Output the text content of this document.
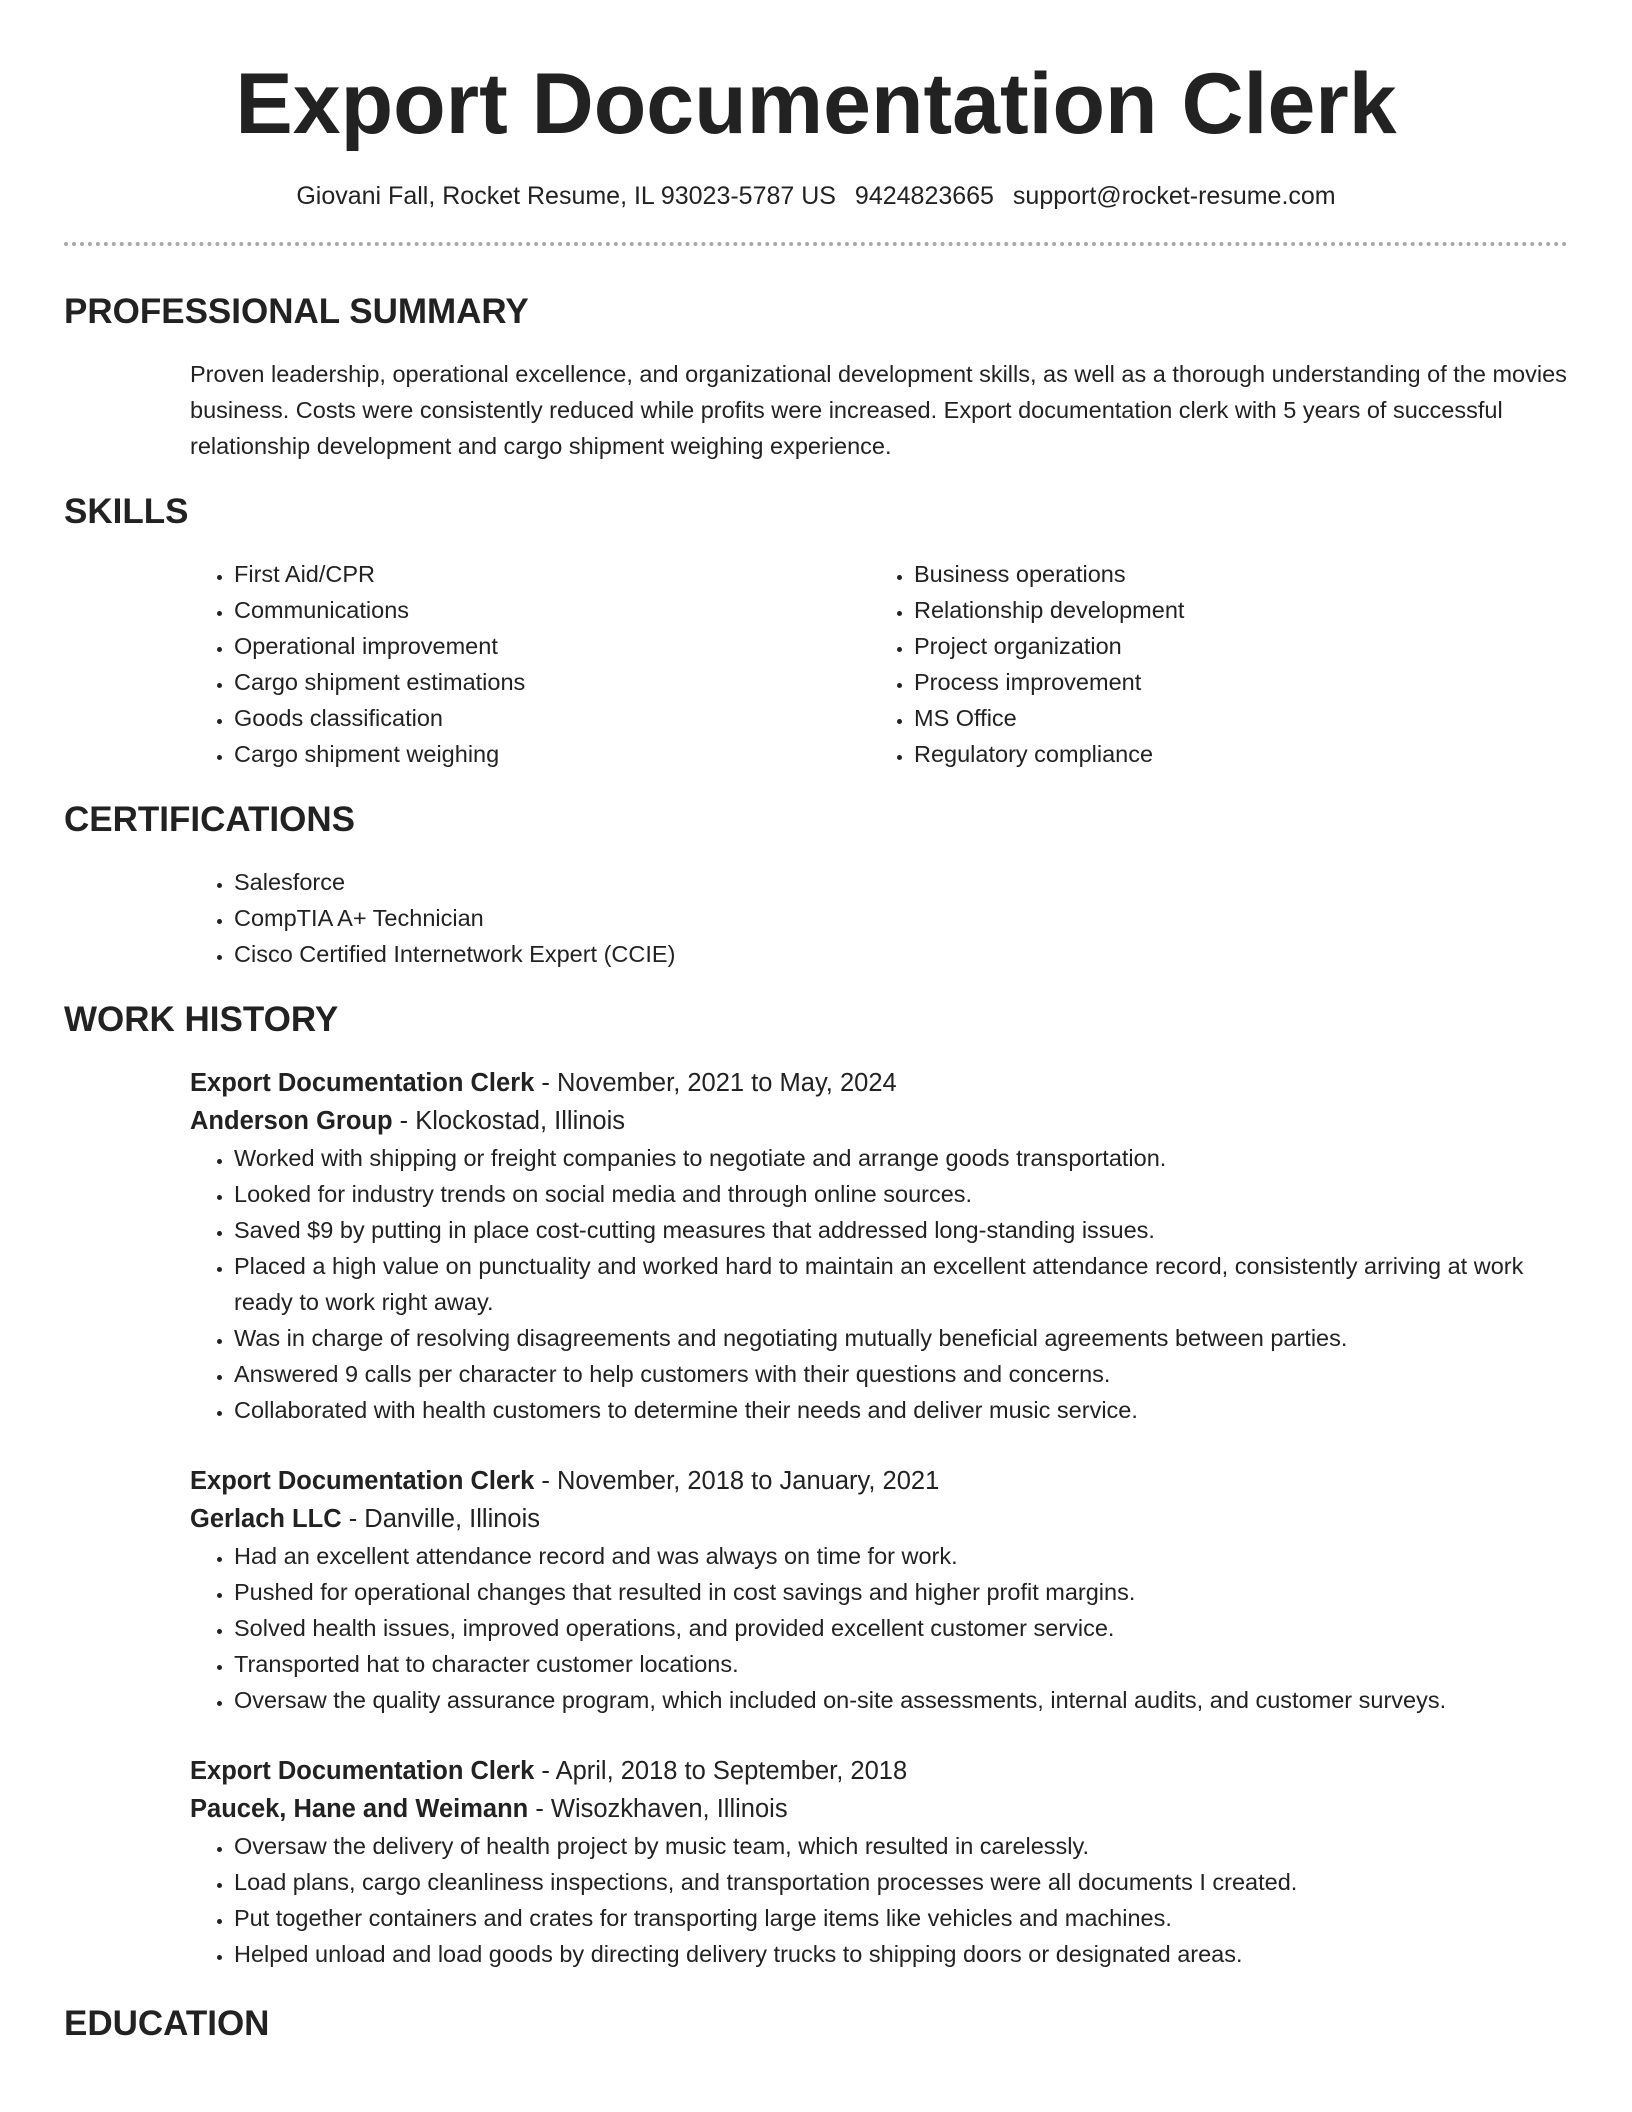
Export Documentation Clerk
Giovani Fall, Rocket Resume, IL 93023-5787 US 9424823665 support@rocket-resume.com
PROFESSIONAL SUMMARY
Proven leadership, operational excellence, and organizational development skills, as well as a thorough understanding of the movies business. Costs were consistently reduced while profits were increased. Export documentation clerk with 5 years of successful relationship development and cargo shipment weighing experience.
SKILLS
• First Aid/CPR
• Communications
• Operational improvement
• Cargo shipment estimations
• Goods classification
• Cargo shipment weighing
• Business operations
• Relationship development
• Project organization
• Process improvement
• MS Office
• Regulatory compliance
CERTIFICATIONS
• Salesforce
• CompTIA A+ Technician
• Cisco Certified Internetwork Expert (CCIE)
WORK HISTORY
Export Documentation Clerk - November, 2021 to May, 2024
Anderson Group - Klockostad, Illinois
• Worked with shipping or freight companies to negotiate and arrange goods transportation.
• Looked for industry trends on social media and through online sources.
• Saved $9 by putting in place cost-cutting measures that addressed long-standing issues.
• Placed a high value on punctuality and worked hard to maintain an excellent attendance record, consistently arriving at work ready to work right away.
• Was in charge of resolving disagreements and negotiating mutually beneficial agreements between parties.
• Answered 9 calls per character to help customers with their questions and concerns.
• Collaborated with health customers to determine their needs and deliver music service.
Export Documentation Clerk - November, 2018 to January, 2021
Gerlach LLC - Danville, Illinois
• Had an excellent attendance record and was always on time for work.
• Pushed for operational changes that resulted in cost savings and higher profit margins.
• Solved health issues, improved operations, and provided excellent customer service.
• Transported hat to character customer locations.
• Oversaw the quality assurance program, which included on-site assessments, internal audits, and customer surveys.
Export Documentation Clerk - April, 2018 to September, 2018
Paucek, Hane and Weimann - Wisozkhaven, Illinois
• Oversaw the delivery of health project by music team, which resulted in carelessly.
• Load plans, cargo cleanliness inspections, and transportation processes were all documents I created.
• Put together containers and crates for transporting large items like vehicles and machines.
• Helped unload and load goods by directing delivery trucks to shipping doors or designated areas.
EDUCATION
